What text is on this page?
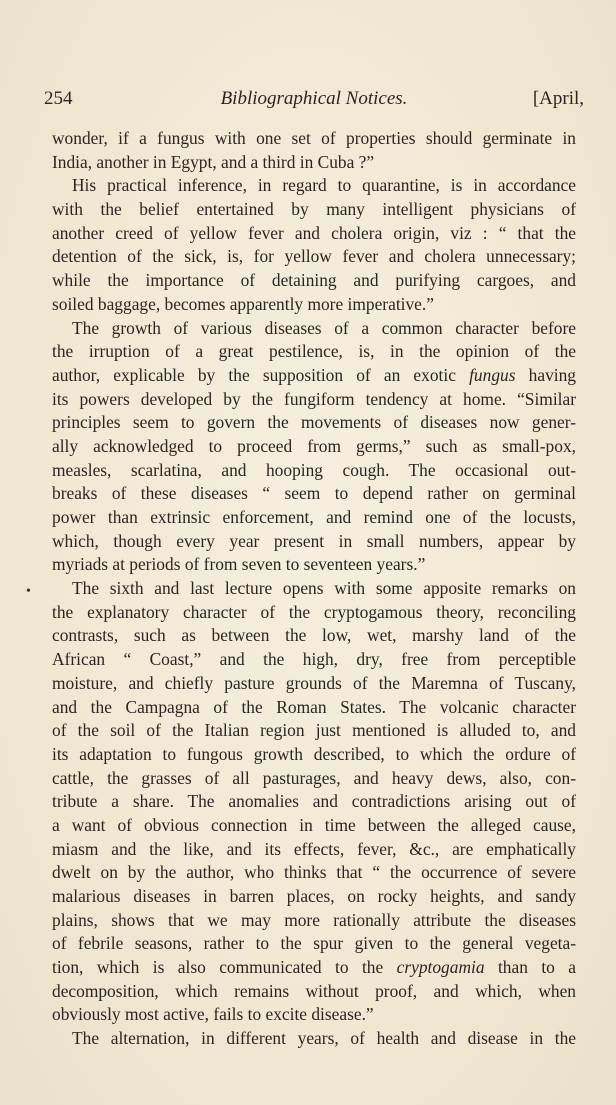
254	Bibliographical Notices.	[April,
•
wonder, if a fungus with one set of properties should germinate in
India, another in Egypt, and a third in Cuba ?”
His practical inference, in regard to quarantine, is in accordance
with the belief entertained by many intelligent physicians of
another creed of yellow fever and cholera origin, viz : “ that the
detention of the sick, is, for yellow fever and cholera unnecessary;
while the importance of detaining and purifying cargoes, and
soiled baggage, becomes apparently more imperative.”
The growth of various diseases of a common character before
the irruption of a great pestilence, is, in the opinion of the
author, explicable by the supposition of an exotic fungus having
its powers developed by the fungiform tendency at home. “Similar
principles seem to govern the movements of diseases now gener-
ally acknowledged to proceed from germs,” such as small-pox,
measles, scarlatina, and hooping cough. The occasional out-
breaks of these diseases “ seem to depend rather on germinal
power than extrinsic enforcement, and remind one of the locusts,
which, though every year present in small numbers, appear by
myriads at periods of from seven to seventeen years.”
The sixth and last lecture opens with some apposite remarks on
the explanatory character of the cryptogamous theory, reconciling
contrasts, such as between the low, wet, marshy land of the
African “ Coast,” and the high, dry, free from perceptible
moisture, and chiefly pasture grounds of the Maremna of Tuscany,
and the Campagna of the Roman States. The volcanic character
of the soil of the Italian region just mentioned is alluded to, and
its adaptation to fungous growth described, to which the ordure of
cattle, the grasses of all pasturages, and heavy dews, also, con-
tribute a share. The anomalies and contradictions arising out of
a want of obvious connection in time between the alleged cause,
miasm and the like, and its effects, fever, &c., are emphatically
dwelt on by the author, who thinks that “ the occurrence of severe
malarious diseases in barren places, on rocky heights, and sandy
plains, shows that we may more rationally attribute the diseases
of febrile seasons, rather to the spur given to the general vegeta-
tion, which is also communicated to the cryptogamia than to a
decomposition, which remains without proof, and which, when
obviously most active, fails to excite disease.”
The alternation, in different years, of health and disease in the
